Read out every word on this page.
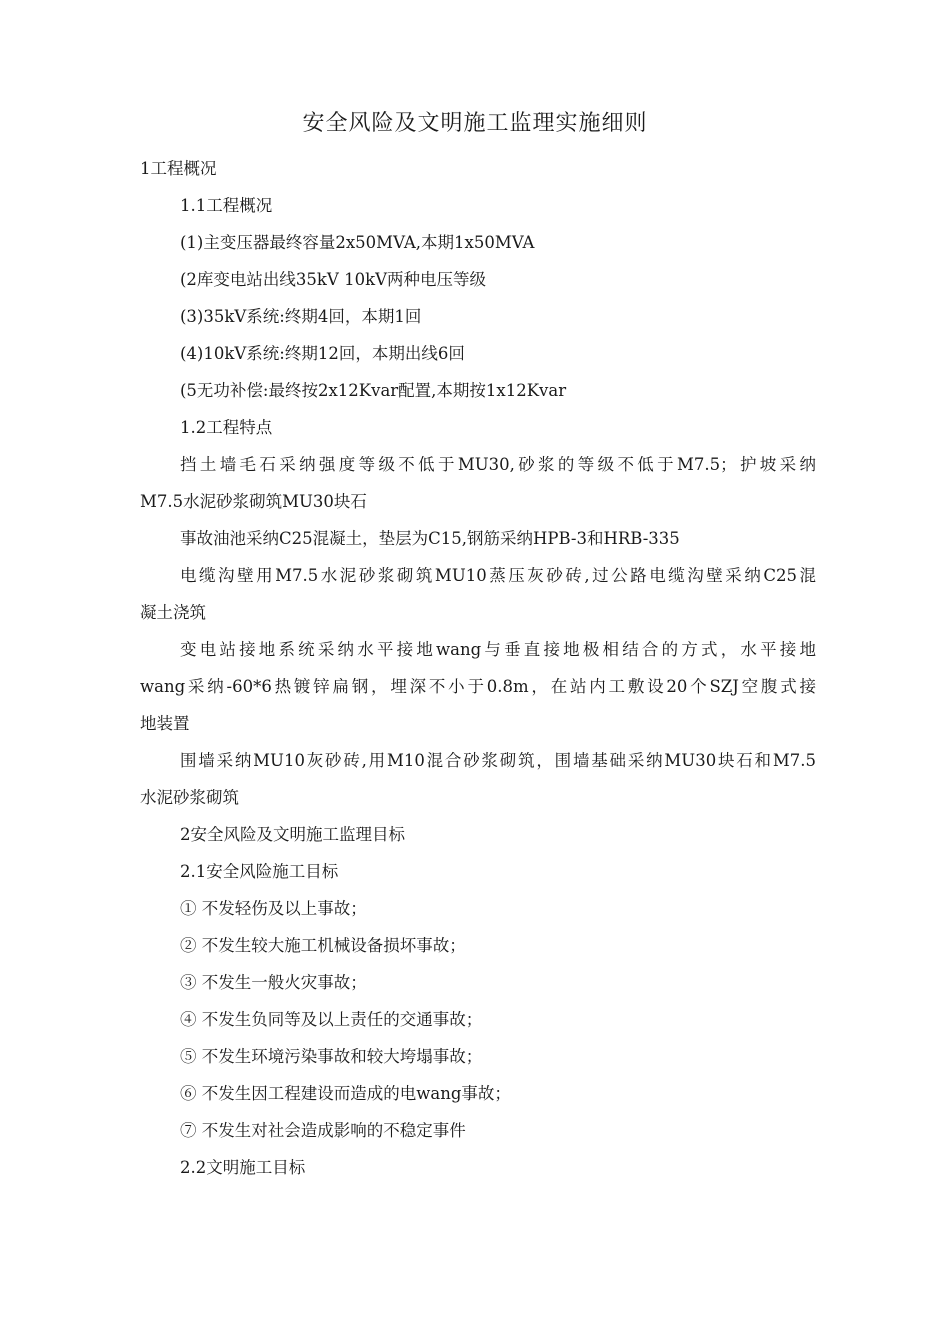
安全风险及文明施工监理实施细则
1工程概况
1.1工程概况
(1)主变压器最终容量2x50MVA,本期1x50MVA
(2库变电站出线35kV 10kV两种电压等级
(3)35kV系统:终期4回，本期1回
(4)10kV系统:终期12回，本期出线6回
(5无功补偿:最终按2x12Kvar配置,本期按1x12Kvar
1.2工程特点
挡土墙毛石采纳强度等级不低于MU30,砂浆的等级不低于M7.5；护坡采纳
M7.5水泥砂浆砌筑MU30块石
事故油池采纳C25混凝土，垫层为C15,钢筋采纳HPB-3和HRB-335
电缆沟壁用M7.5水泥砂浆砌筑MU10蒸压灰砂砖,过公路电缆沟壁采纳C25混
凝土浇筑
变电站接地系统采纳水平接地wang与垂直接地极相结合的方式，水平接地
wang采纳-60*6热镀锌扁钢，埋深不小于0.8m，在站内工敷设20个SZJ空腹式接
地装置
围墙采纳MU10灰砂砖,用M10混合砂浆砌筑，围墙基础采纳MU30块石和M7.5
水泥砂浆砌筑
2安全风险及文明施工监理目标
2.1安全风险施工目标
① 不发轻伤及以上事故；
② 不发生较大施工机械设备损坏事故；
③ 不发生一般火灾事故；
④ 不发生负同等及以上责任的交通事故；
⑤ 不发生环境污染事故和较大垮塌事故；
⑥ 不发生因工程建设而造成的电wang事故；
⑦ 不发生对社会造成影响的不稳定事件
2.2文明施工目标
